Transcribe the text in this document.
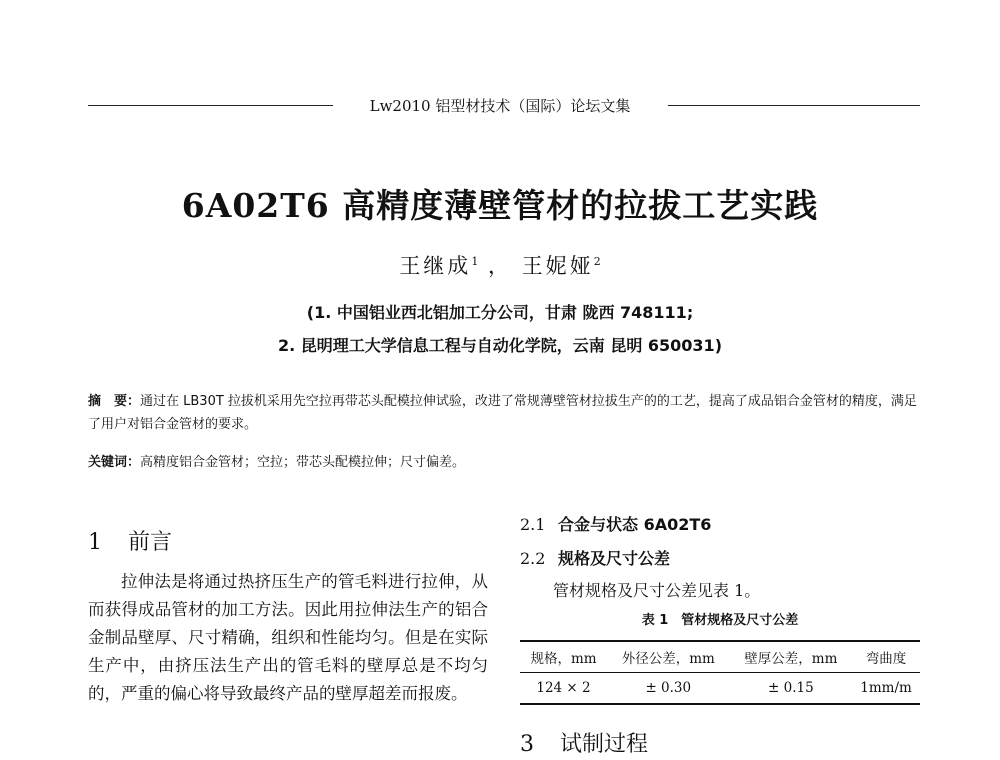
Lw2010 铝型材技术（国际）论坛文集
6A02T6 高精度薄壁管材的拉拔工艺实践
王继成$^1$ ， 王妮娅$^2$
(1. 中国铝业西北铝加工分公司，甘肃 陇西 748111;
2. 昆明理工大学信息工程与自动化学院，云南 昆明 650031)
摘　要：通过在 LB30T 拉拔机采用先空拉再带芯头配模拉伸试验，改进了常规薄壁管材拉拔生产的的工艺，提高了成品铝合金管材的精度，满足了用户对铝合金管材的要求。
关键词：高精度铝合金管材；空拉；带芯头配模拉伸；尺寸偏差。
1 前言
拉伸法是将通过热挤压生产的管毛料进行拉伸，从而获得成品管材的加工方法。因此用拉伸法生产的铝合金制品壁厚、尺寸精确，组织和性能均匀。但是在实际生产中，由挤压法生产出的管毛料的壁厚总是不均匀的，严重的偏心将导致最终产品的壁厚超差而报废。
2.1 合金与状态 6A02T6
2.2 规格及尺寸公差
管材规格及尺寸公差见表 1。
表 1　管材规格及尺寸公差
规格，mm	外径公差，mm	壁厚公差，mm	弯曲度
124 × 2	± 0.30	± 0.15	1mm/m
3 试制过程
